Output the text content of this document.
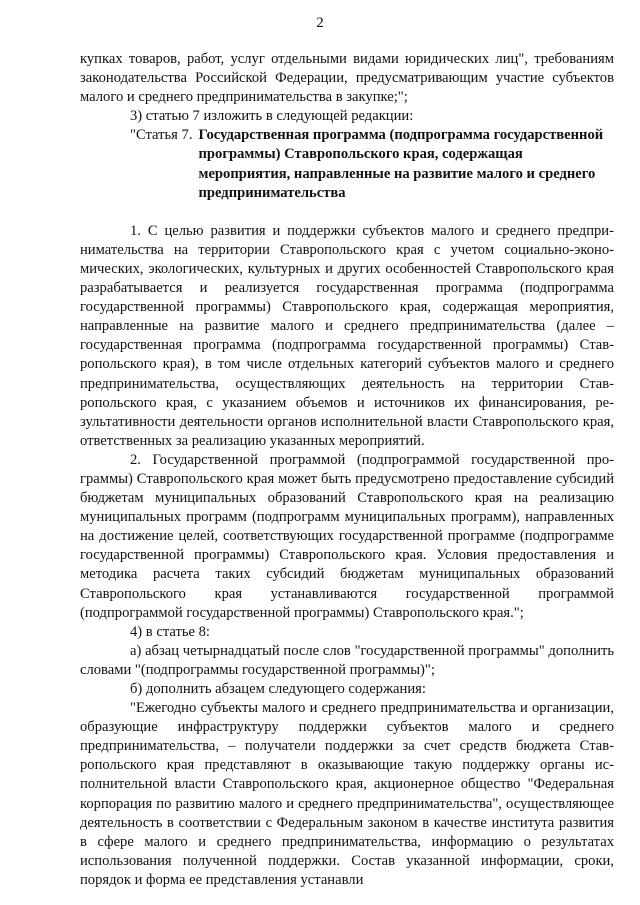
2

купках товаров, работ, услуг отдельными видами юридических лиц", требованиям законодательства Российской Федерации, предусматривающим участие субъектов малого и среднего предпринимательства в закупке;";

3) статью 7 изложить в следующей редакции:

"Статья 7. Государственная программа (подпрограмма государственной программы) Ставропольского края, содержащая мероприятия, направленные на развитие малого и среднего предпринимательства

1. С целью развития и поддержки субъектов малого и среднего предпринимательства на территории Ставропольского края с учетом социально-экономических, экологических, культурных и других особенностей Ставропольского края разрабатывается и реализуется государственная программа (подпрограмма государственной программы) Ставропольского края, содержащая мероприятия, направленные на развитие малого и среднего предпринимательства (далее – государственная программа (подпрограмма государственной программы) Ставропольского края), в том числе отдельных категорий субъектов малого и среднего предпринимательства, осуществляющих деятельность на территории Ставропольского края, с указанием объемов и источников их финансирования, результативности деятельности органов исполнительной власти Ставропольского края, ответственных за реализацию указанных мероприятий.

2. Государственной программой (подпрограммой государственной программы) Ставропольского края может быть предусмотрено предоставление субсидий бюджетам муниципальных образований Ставропольского края на реализацию муниципальных программ (подпрограмм муниципальных программ), направленных на достижение целей, соответствующих государственной программе (подпрограмме государственной программы) Ставропольского края. Условия предоставления и методика расчета таких субсидий бюджетам муниципальных образований Ставропольского края устанавливаются государственной программой (подпрограммой государственной программы) Ставропольского края.";

4) в статье 8:

а) абзац четырнадцатый после слов "государственной программы" дополнить словами "(подпрограммы государственной программы)";

б) дополнить абзацем следующего содержания:

"Ежегодно субъекты малого и среднего предпринимательства и организации, образующие инфраструктуру поддержки субъектов малого и среднего предпринимательства, – получатели поддержки за счет средств бюджета Ставропольского края представляют в оказывающие такую поддержку органы исполнительной власти Ставропольского края, акционерное общество "Федеральная корпорация по развитию малого и среднего предпринимательства", осуществляющее деятельность в соответствии с Федеральным законом в качестве института развития в сфере малого и среднего предпринимательства, информацию о результатах использования полученной поддержки. Состав указанной информации, сроки, порядок и форма ее представления устанавли
